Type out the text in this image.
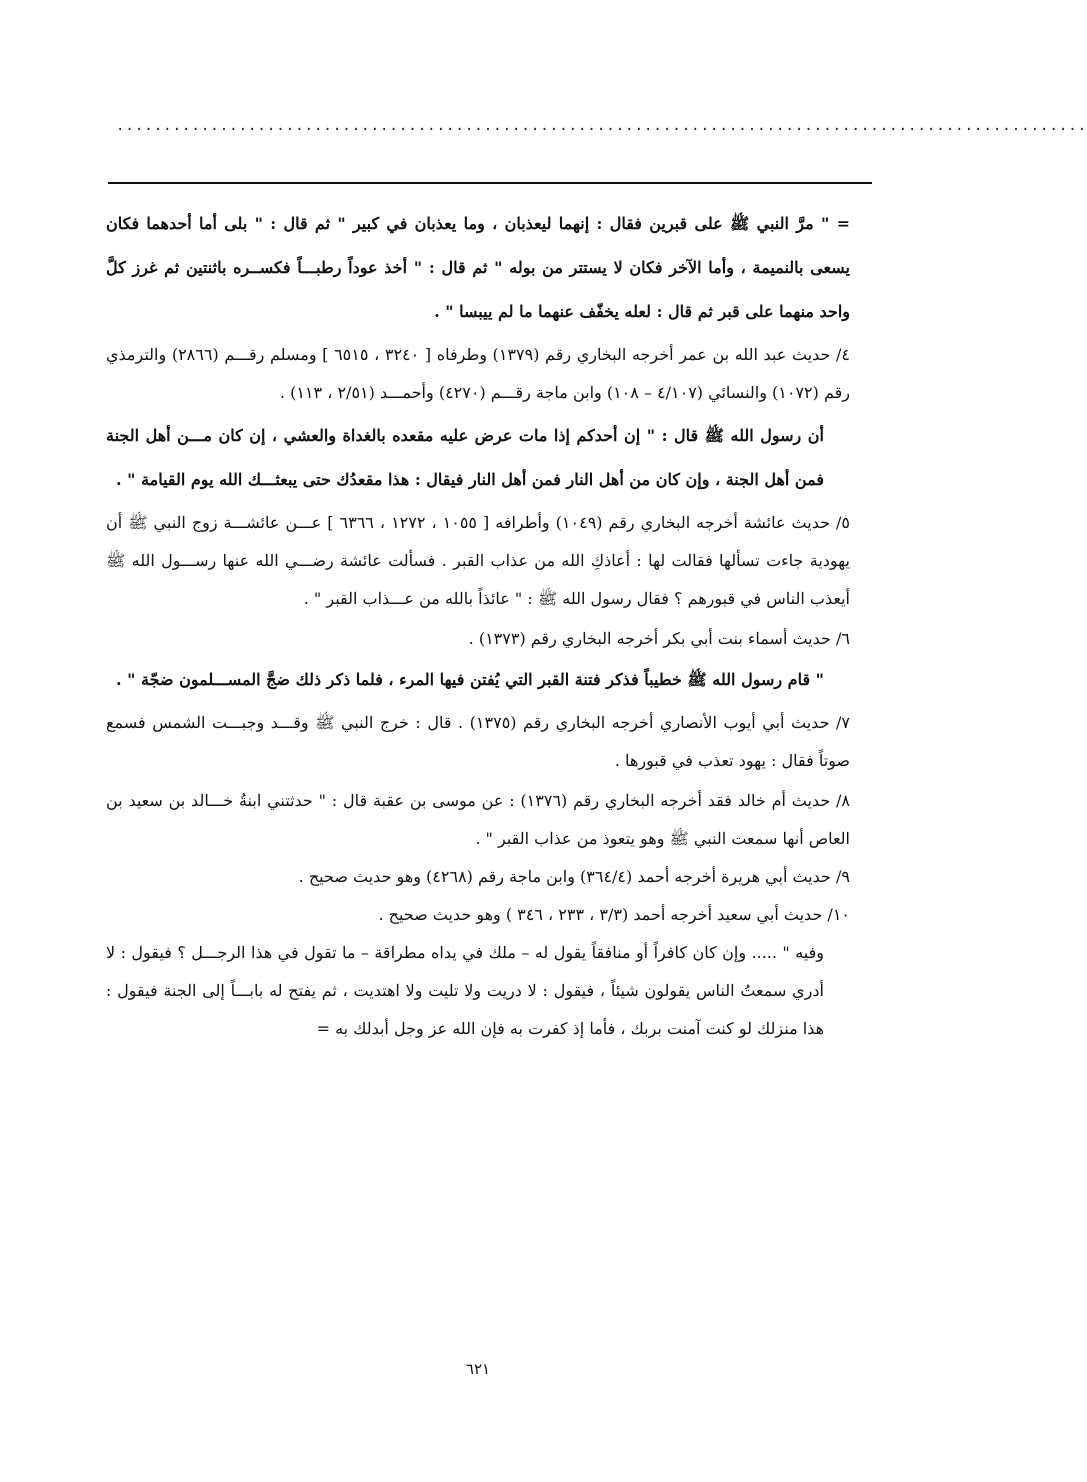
.......................................................................................................

= " مرَّ النبي ﷺ على قبرين فقال : إنهما ليعذبان ، وما يعذبان في كبير " ثم قال : " بلى أما أحدهما فكان يسعى بالنميمة ، وأما الآخر فكان لا يستتر من بوله " ثم قال : " أخذ عوداً رطبـــاً فكســره باثنتين ثم غرز كلَّ واحد منهما على قبر ثم قال : لعله يخفّف عنهما ما لم ييبسا " .

٤/ حديث عبد الله بن عمر أخرجه البخاري رقم (١٣٧٩) وطرفاه [ ٣٢٤٠ ، ٦٥١٥ ] ومسلم رقـــم (٢٨٦٦) والترمذي رقم (١٠٧٢) والنسائي (٤/١٠٧ – ١٠٨) وابن ماجة رقـــم (٤٢٧٠) وأحمـــد (٢/٥١ ، ١١٣) .

أن رسول الله ﷺ قال : " إن أحدكم إذا مات عرض عليه مقعده بالغداة والعشي ، إن كان مـــن أهل الجنة فمن أهل الجنة ، وإن كان من أهل النار فمن أهل النار فيقال : هذا مقعدُك حتى يبعثـــك الله يوم القيامة " .

٥/ حديث عائشة أخرجه البخاري رقم (١٠٤٩) وأطرافه [ ١٠٥٥ ، ١٢٧٢ ، ٦٣٦٦ ] عـــن عائشـــة زوج النبي ﷺ أن يهودية جاءت تسألها فقالت لها : أعاذكِ الله من عذاب القبر . فسألت عائشة رضـــي الله عنها رســـول الله ﷺ أيعذب الناس في قبورهم ؟ فقال رسول الله ﷺ : " عائذاً بالله من عـــذاب القبر " .

٦/ حديث أسماء بنت أبي بكر أخرجه البخاري رقم (١٣٧٣) .

" قام رسول الله ﷺ خطيباً فذكر فتنة القبر التي يُفتن فيها المرء ، فلما ذكر ذلك ضجَّ المســـلمون ضجّة " .

٧/ حديث أبي أيوب الأنصاري أخرجه البخاري رقم (١٣٧٥) . قال : خرج النبي ﷺ وقـــد وجبـــت الشمس فسمع صوتاً فقال : يهود تعذب في قبورها .

٨/ حديث أم خالد فقد أخرجه البخاري رقم (١٣٧٦) : عن موسى بن عقبة قال : " حدثتني ابنةُ خـــالد بن سعيد بن العاص أنها سمعت النبي ﷺ وهو يتعوذ من عذاب القبر " .

٩/ حديث أبي هريرة أخرجه أحمد (٣٦٤/٤) وابن ماجة رقم (٤٢٦٨) وهو حديث صحيح .

١٠/ حديث أبي سعيد أخرجه أحمد (٣/٣ ، ٢٣٣ ، ٣٤٦ ) وهو حديث صحيح .

وفيه " ..... وإن كان كافراً أو منافقاً يقول له – ملك في يداه مطراقة – ما تقول في هذا الرجـــل ؟ فيقول : لا أدري سمعتُ الناس يقولون شيئاً ، فيقول : لا دريت ولا تليت ولا اهتديت ، ثم يفتح له بابـــاً إلى الجنة فيقول : هذا منزلك لو كنت آمنت بربك ، فأما إذ كفرت به فإن الله عز وجل أبدلك به =

٦٢١
